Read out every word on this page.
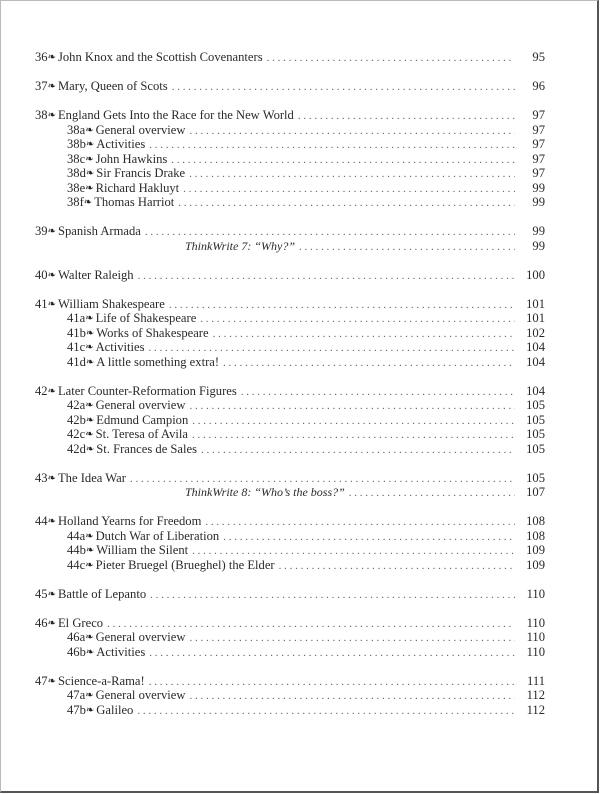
36 ❧ John Knox and the Scottish Covenanters . . .	95
37 ❧ Mary, Queen of Scots . . .	96
38 ❧ England Gets Into the Race for the New World . . .	97
38a ❧ General overview . . .	97
38b ❧ Activities . . .	97
38c ❧ John Hawkins . . .	97
38d ❧ Sir Francis Drake . . .	97
38e ❧ Richard Hakluyt . . .	99
38f ❧ Thomas Harriot . . .	99
39 ❧ Spanish Armada . . .	99
ThinkWrite 7: “Why?” . . .	99
40 ❧ Walter Raleigh . . .	100
41 ❧ William Shakespeare . . .	101
41a ❧ Life of Shakespeare . . .	101
41b ❧ Works of Shakespeare . . .	102
41c ❧ Activities . . .	104
41d ❧ A little something extra! . . .	104
42 ❧ Later Counter-Reformation Figures . . .	104
42a ❧ General overview . . .	105
42b ❧ Edmund Campion . . .	105
42c ❧ St. Teresa of Avila . . .	105
42d ❧ St. Frances de Sales . . .	105
43 ❧ The Idea War . . .	105
ThinkWrite 8: “Who’s the boss?” . . .	107
44 ❧ Holland Yearns for Freedom . . .	108
44a ❧ Dutch War of Liberation . . .	108
44b ❧ William the Silent . . .	109
44c ❧ Pieter Bruegel (Brueghel) the Elder . . .	109
45 ❧ Battle of Lepanto . . .	110
46 ❧ El Greco . . .	110
46a ❧ General overview . . .	110
46b ❧ Activities . . .	110
47 ❧ Science-a-Rama! . . .	111
47a ❧ General overview . . .	112
47b ❧ Galileo . . .	112
